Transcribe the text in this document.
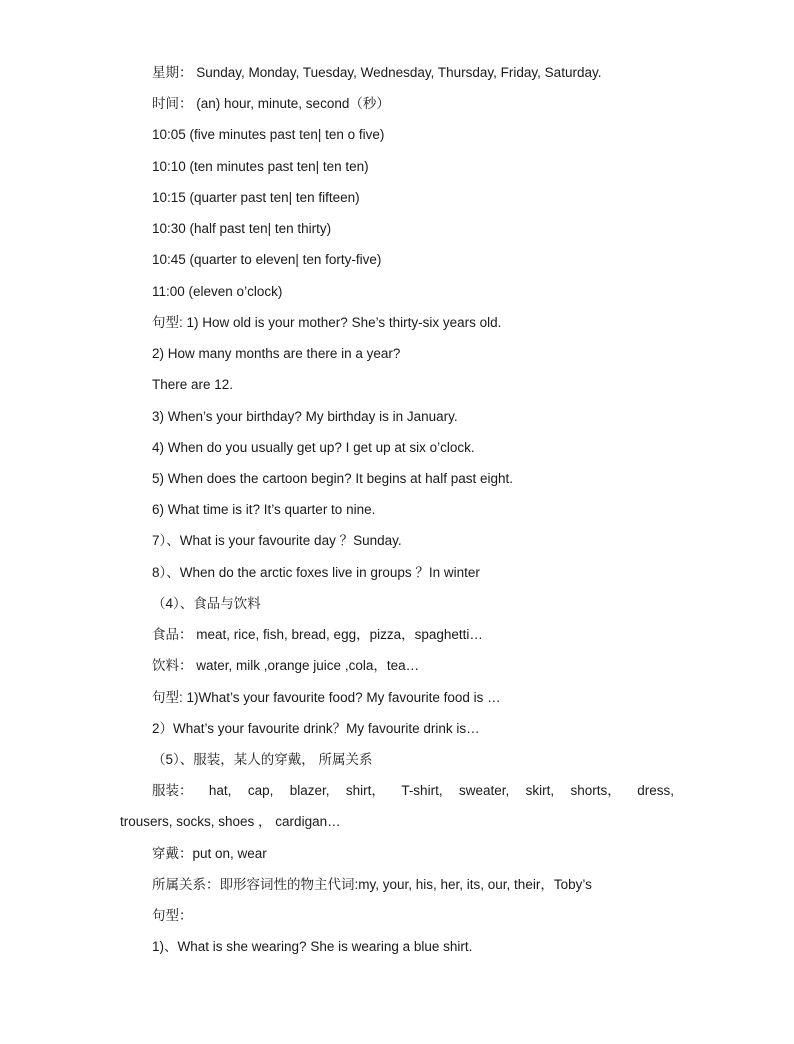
星期： Sunday, Monday, Tuesday, Wednesday, Thursday, Friday, Saturday.
时间： (an) hour, minute, second（秒）
10:05 (five minutes past ten| ten o five)
10:10 (ten minutes past ten| ten ten)
10:15 (quarter past ten| ten fifteen)
10:30 (half past ten| ten thirty)
10:45 (quarter to eleven| ten forty-five)
11:00 (eleven o’clock)
句型: 1) How old is your mother? She’s thirty-six years old.
2) How many months are there in a year?
There are 12.
3) When’s your birthday? My birthday is in January.
4) When do you usually get up? I get up at six o’clock.
5) When does the cartoon begin? It begins at half past eight.
6) What time is it? It’s quarter to nine.
7）、What is your favourite day ？Sunday.
8）、When do the arctic foxes live in groups ？In winter
（4）、食品与饮料
食品： meat, rice, fish, bread, egg，pizza，spaghetti…
饮料： water, milk ,orange juice ,cola，tea…
句型: 1)What’s your favourite food? My favourite food is …
2）What’s your favourite drink？My favourite drink is…
（5）、服装，某人的穿戴， 所属关系
服装： hat, cap, blazer, shirt， T-shirt, sweater, skirt, shorts， dress,
trousers, socks, shoes ， cardigan…
穿戴：put on, wear
所属关系：即形容词性的物主代词:my, your, his, her, its, our, their，Toby’s
句型：
1)、What is she wearing? She is wearing a blue shirt.
